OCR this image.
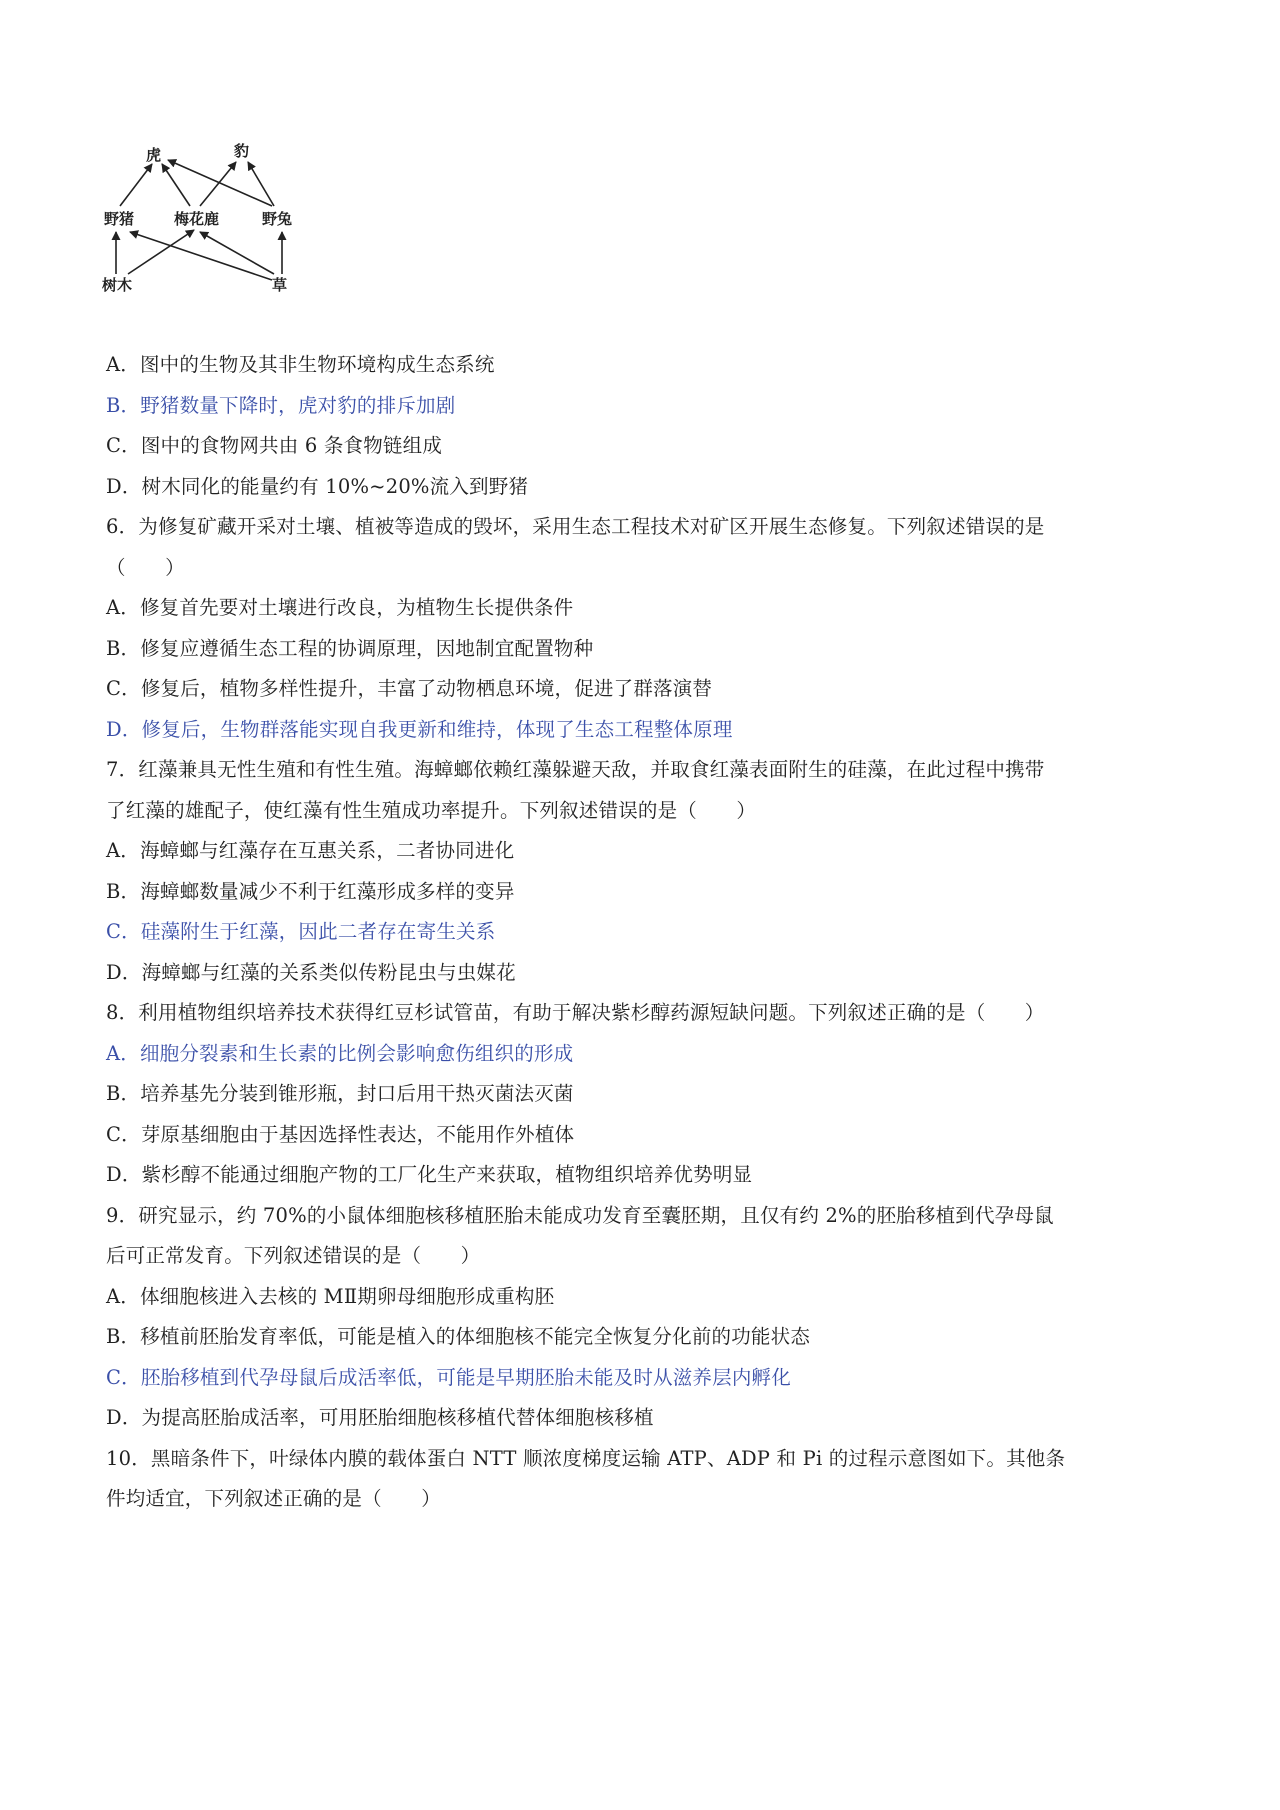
虎	豹
野猪	梅花鹿	野兔
树木	草
A．图中的生物及其非生物环境构成生态系统
B．野猪数量下降时，虎对豹的排斥加剧
C．图中的食物网共由 6 条食物链组成
D．树木同化的能量约有 10%~20%流入到野猪
6．为修复矿藏开采对土壤、植被等造成的毁坏，采用生态工程技术对矿区开展生态修复。下列叙述错误的是
（　　）
A．修复首先要对土壤进行改良，为植物生长提供条件
B．修复应遵循生态工程的协调原理，因地制宜配置物种
C．修复后，植物多样性提升，丰富了动物栖息环境，促进了群落演替
D．修复后，生物群落能实现自我更新和维持，体现了生态工程整体原理
7．红藻兼具无性生殖和有性生殖。海蟑螂依赖红藻躲避天敌，并取食红藻表面附生的硅藻，在此过程中携带
了红藻的雄配子，使红藻有性生殖成功率提升。下列叙述错误的是（　　）
A．海蟑螂与红藻存在互惠关系，二者协同进化
B．海蟑螂数量减少不利于红藻形成多样的变异
C．硅藻附生于红藻，因此二者存在寄生关系
D．海蟑螂与红藻的关系类似传粉昆虫与虫媒花
8．利用植物组织培养技术获得红豆杉试管苗，有助于解决紫杉醇药源短缺问题。下列叙述正确的是（　　）
A．细胞分裂素和生长素的比例会影响愈伤组织的形成
B．培养基先分装到锥形瓶，封口后用干热灭菌法灭菌
C．芽原基细胞由于基因选择性表达，不能用作外植体
D．紫杉醇不能通过细胞产物的工厂化生产来获取，植物组织培养优势明显
9．研究显示，约 70%的小鼠体细胞核移植胚胎未能成功发育至囊胚期，且仅有约 2%的胚胎移植到代孕母鼠
后可正常发育。下列叙述错误的是（　　）
A．体细胞核进入去核的 MⅡ期卵母细胞形成重构胚
B．移植前胚胎发育率低，可能是植入的体细胞核不能完全恢复分化前的功能状态
C．胚胎移植到代孕母鼠后成活率低，可能是早期胚胎未能及时从滋养层内孵化
D．为提高胚胎成活率，可用胚胎细胞核移植代替体细胞核移植
10．黑暗条件下，叶绿体内膜的载体蛋白 NTT 顺浓度梯度运输 ATP、ADP 和 Pi 的过程示意图如下。其他条
件均适宜，下列叙述正确的是（　　）
